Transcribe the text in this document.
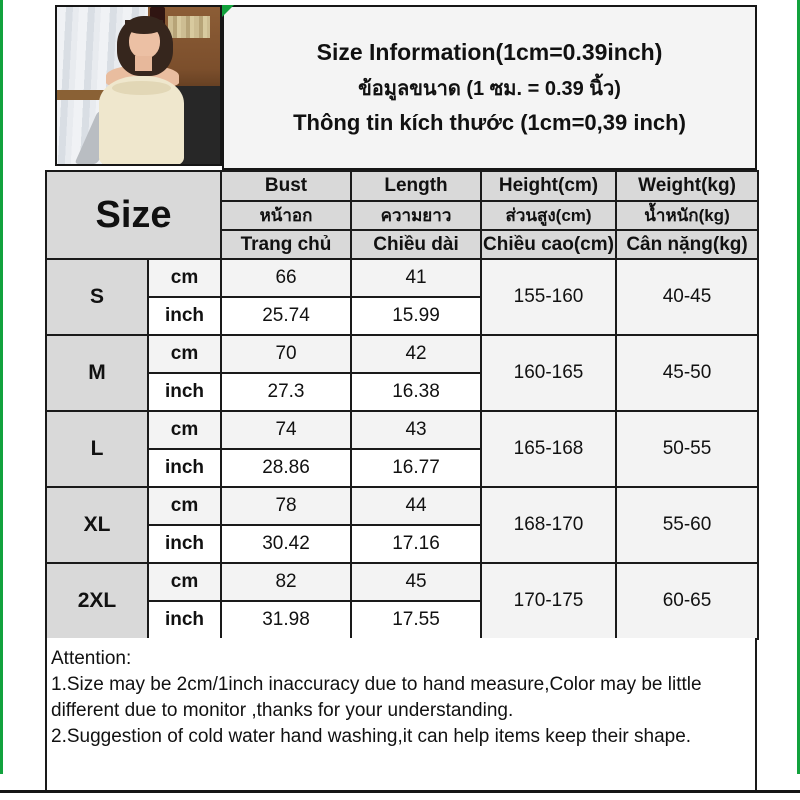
Size Information(1cm=0.39inch)
ข้อมูลขนาด (1 ซม. = 0.39 นิ้ว)
Thông tin kích thước (1cm=0,39 inch)
Size		Bust	Length	Height(cm)	Weight(kg)
		หน้าอก	ความยาว	ส่วนสูง(cm)	น้ำหนัก(kg)
		Trang chủ	Chiều dài	Chiều cao(cm)	Cân nặng(kg)
S	cm	66	41	155-160	40-45
	inch	25.74	15.99		
M	cm	70	42	160-165	45-50
	inch	27.3	16.38		
L	cm	74	43	165-168	50-55
	inch	28.86	16.77		
XL	cm	78	44	168-170	55-60
	inch	30.42	17.16		
2XL	cm	82	45	170-175	60-65
	inch	31.98	17.55		

Attention:

1.Size may be 2cm/1inch inaccuracy due to hand measure,Color may be little different due to monitor ,thanks for your understanding.

2.Suggestion of cold water hand washing,it can help items keep their shape.
